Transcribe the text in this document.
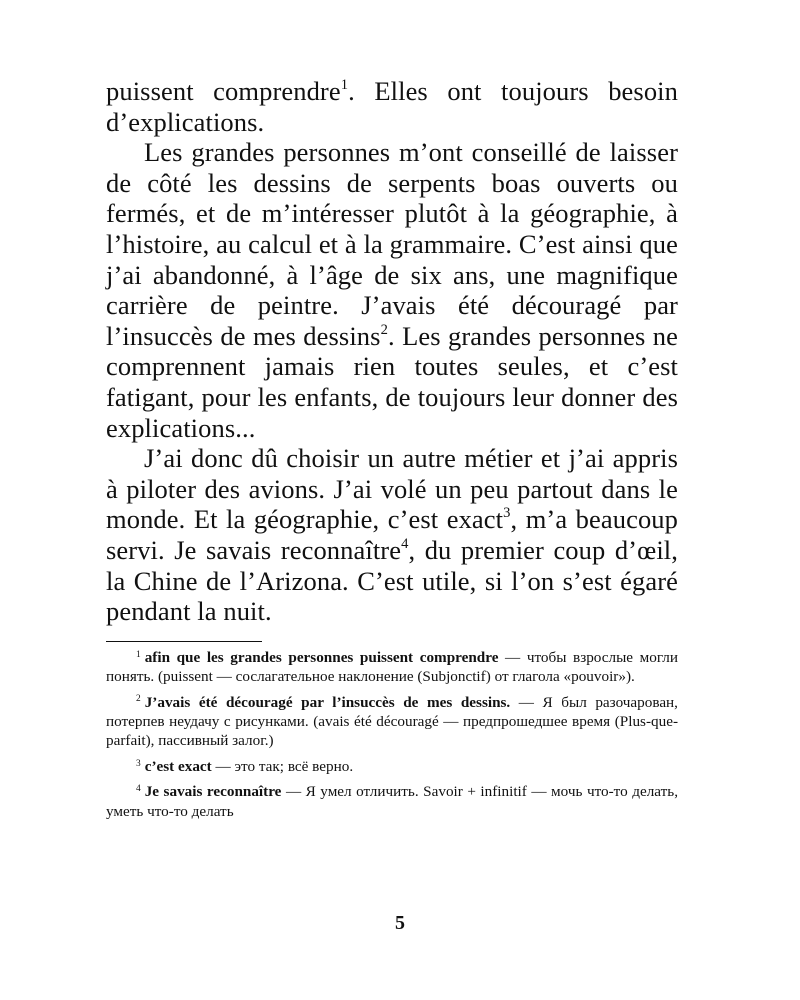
puissent comprendre$^1$. Elles ont toujours besoin d’explications.

Les grandes personnes m’ont conseillé de laisser de côté les dessins de serpents boas ouverts ou fermés, et de m’intéresser plutôt à la géographie, à l’histoire, au calcul et à la grammaire. C’est ainsi que j’ai abandonné, à l’âge de six ans, une magnifique carrière de peintre. J’avais été découragé par l’insuccès de mes dessins$^2$. Les grandes personnes ne comprennent jamais rien toutes seules, et c’est fatigant, pour les enfants, de toujours leur donner des explications...

J’ai donc dû choisir un autre métier et j’ai appris à piloter des avions. J’ai volé un peu partout dans le monde. Et la géographie, c’est exact$^3$, m’a beaucoup servi. Je savais reconnaître$^4$, du premier coup d’œil, la Chine de l’Arizona. C’est utile, si l’on s’est égaré pendant la nuit.

$^1$ afin que les grandes personnes puissent comprendre — чтобы взрослые могли понять. (puissent — сослагательное наклонение (Subjonctif) от глагола «pouvoir»).

$^2$ J’avais été découragé par l’insuccès de mes dessins. — Я был разочарован, потерпев неудачу с рисунками. (avais été découragé — предпрошедшее время (Plus-que-parfait), пассивный залог.)

$^3$ c’est exact — это так; всё верно.

$^4$ Je savais reconnaître — Я умел отличить. Savoir + infinitif — мочь что-то делать, уметь что-то делать

5
